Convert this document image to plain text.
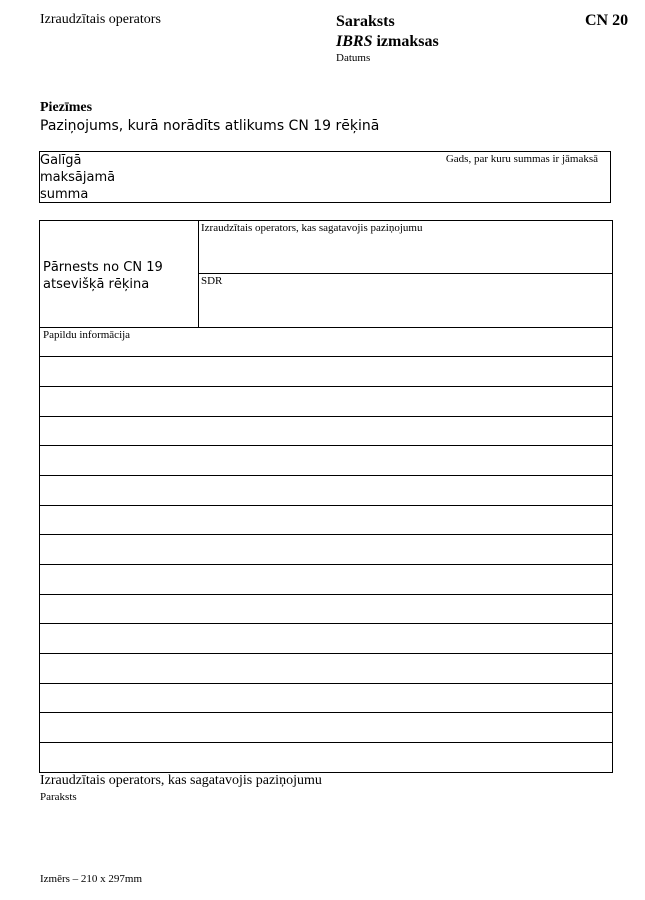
Izraudzītais operators	Saraksts
IBRS izmaksas
Datums
CN 20
Piezīmes
Paziņojums, kurā norādīts atlikums CN 19 rēķinā
Galīgā maksājamā summa
Gads, par kuru summas ir jāmaksā
Pārnests no CN 19 atsevišķā rēķina
Izraudzītais operators, kas sagatavojis paziņojumu
SDR
Papildu informācija
Izraudzītais operators, kas sagatavojis paziņojumu
Paraksts
Izmērs – 210 x 297mm
